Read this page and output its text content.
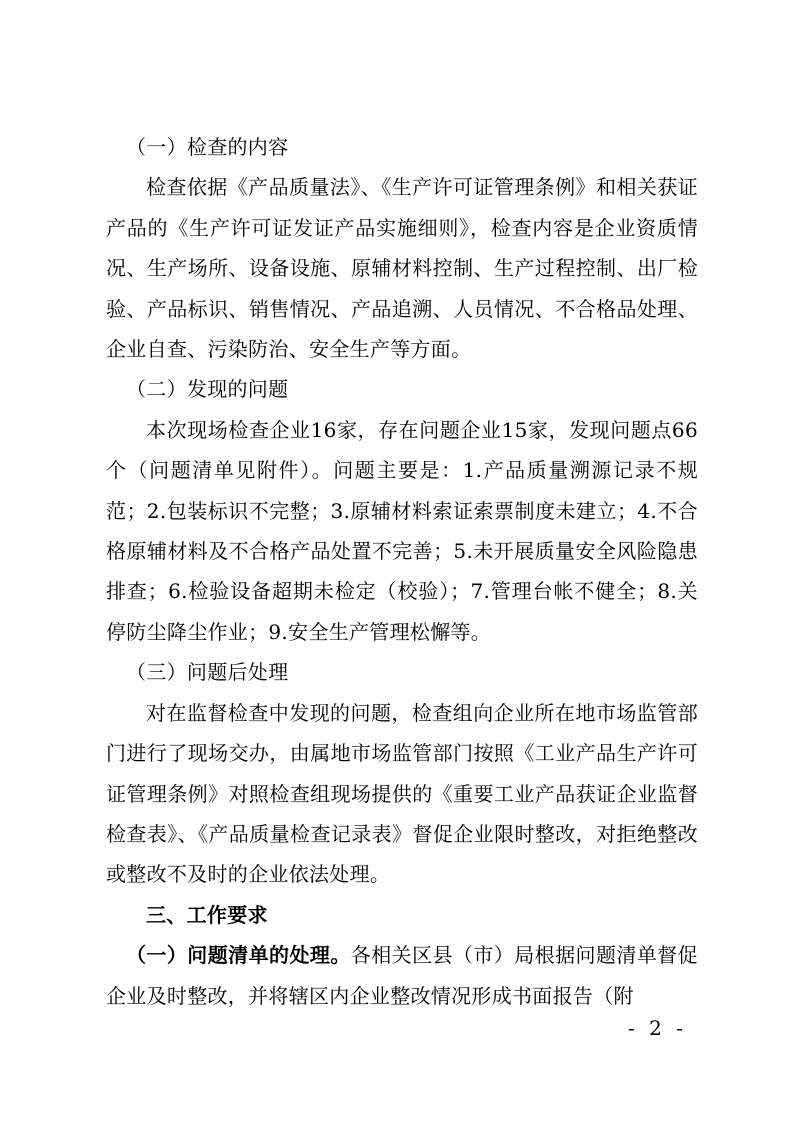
（一）检查的内容

检查依据《产品质量法》、《生产许可证管理条例》和相关获证产品的《生产许可证发证产品实施细则》，检查内容是企业资质情况、生产场所、设备设施、原辅材料控制、生产过程控制、出厂检验、产品标识、销售情况、产品追溯、人员情况、不合格品处理、企业自查、污染防治、安全生产等方面。

（二）发现的问题

本次现场检查企业16家，存在问题企业15家，发现问题点66个（问题清单见附件）。问题主要是：1.产品质量溯源记录不规范；2.包装标识不完整；3.原辅材料索证索票制度未建立；4.不合格原辅材料及不合格产品处置不完善；5.未开展质量安全风险隐患排查；6.检验设备超期未检定（校验）；7.管理台帐不健全；8.关停防尘降尘作业；9.安全生产管理松懈等。

（三）问题后处理

对在监督检查中发现的问题，检查组向企业所在地市场监管部门进行了现场交办，由属地市场监管部门按照《工业产品生产许可证管理条例》对照检查组现场提供的《重要工业产品获证企业监督检查表》、《产品质量检查记录表》督促企业限时整改，对拒绝整改或整改不及时的企业依法处理。

三、工作要求

（一）问题清单的处理。各相关区县（市）局根据问题清单督促企业及时整改，并将辖区内企业整改情况形成书面报告（附

- 2 -
